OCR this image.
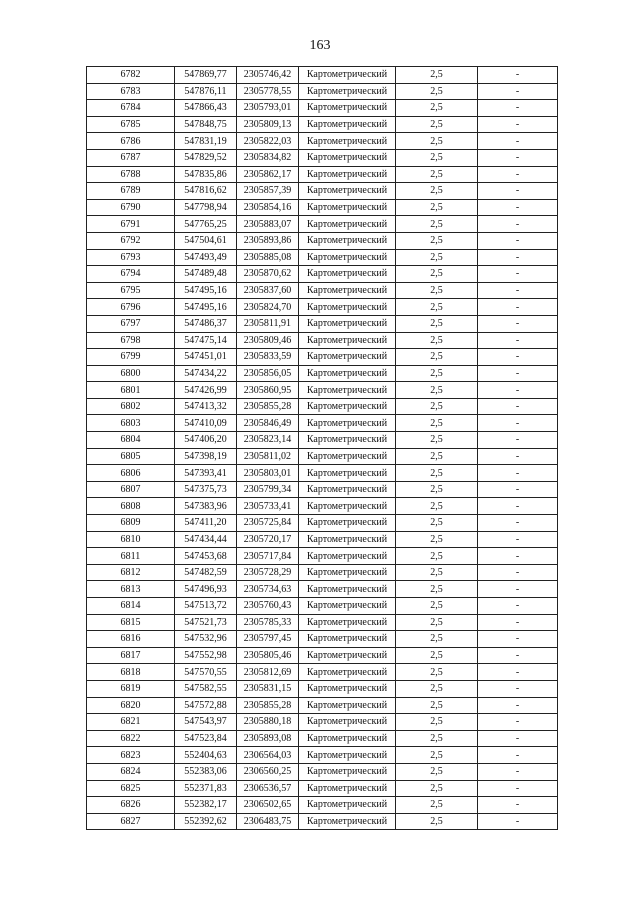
163
6782	547869,77	2305746,42	Картометрический	2,5	-
6783	547876,11	2305778,55	Картометрический	2,5	-
6784	547866,43	2305793,01	Картометрический	2,5	-
6785	547848,75	2305809,13	Картометрический	2,5	-
6786	547831,19	2305822,03	Картометрический	2,5	-
6787	547829,52	2305834,82	Картометрический	2,5	-
6788	547835,86	2305862,17	Картометрический	2,5	-
6789	547816,62	2305857,39	Картометрический	2,5	-
6790	547798,94	2305854,16	Картометрический	2,5	-
6791	547765,25	2305883,07	Картометрический	2,5	-
6792	547504,61	2305893,86	Картометрический	2,5	-
6793	547493,49	2305885,08	Картометрический	2,5	-
6794	547489,48	2305870,62	Картометрический	2,5	-
6795	547495,16	2305837,60	Картометрический	2,5	-
6796	547495,16	2305824,70	Картометрический	2,5	-
6797	547486,37	2305811,91	Картометрический	2,5	-
6798	547475,14	2305809,46	Картометрический	2,5	-
6799	547451,01	2305833,59	Картометрический	2,5	-
6800	547434,22	2305856,05	Картометрический	2,5	-
6801	547426,99	2305860,95	Картометрический	2,5	-
6802	547413,32	2305855,28	Картометрический	2,5	-
6803	547410,09	2305846,49	Картометрический	2,5	-
6804	547406,20	2305823,14	Картометрический	2,5	-
6805	547398,19	2305811,02	Картометрический	2,5	-
6806	547393,41	2305803,01	Картометрический	2,5	-
6807	547375,73	2305799,34	Картометрический	2,5	-
6808	547383,96	2305733,41	Картометрический	2,5	-
6809	547411,20	2305725,84	Картометрический	2,5	-
6810	547434,44	2305720,17	Картометрический	2,5	-
6811	547453,68	2305717,84	Картометрический	2,5	-
6812	547482,59	2305728,29	Картометрический	2,5	-
6813	547496,93	2305734,63	Картометрический	2,5	-
6814	547513,72	2305760,43	Картометрический	2,5	-
6815	547521,73	2305785,33	Картометрический	2,5	-
6816	547532,96	2305797,45	Картометрический	2,5	-
6817	547552,98	2305805,46	Картометрический	2,5	-
6818	547570,55	2305812,69	Картометрический	2,5	-
6819	547582,55	2305831,15	Картометрический	2,5	-
6820	547572,88	2305855,28	Картометрический	2,5	-
6821	547543,97	2305880,18	Картометрический	2,5	-
6822	547523,84	2305893,08	Картометрический	2,5	-
6823	552404,63	2306564,03	Картометрический	2,5	-
6824	552383,06	2306560,25	Картометрический	2,5	-
6825	552371,83	2306536,57	Картометрический	2,5	-
6826	552382,17	2306502,65	Картометрический	2,5	-
6827	552392,62	2306483,75	Картометрический	2,5	-
